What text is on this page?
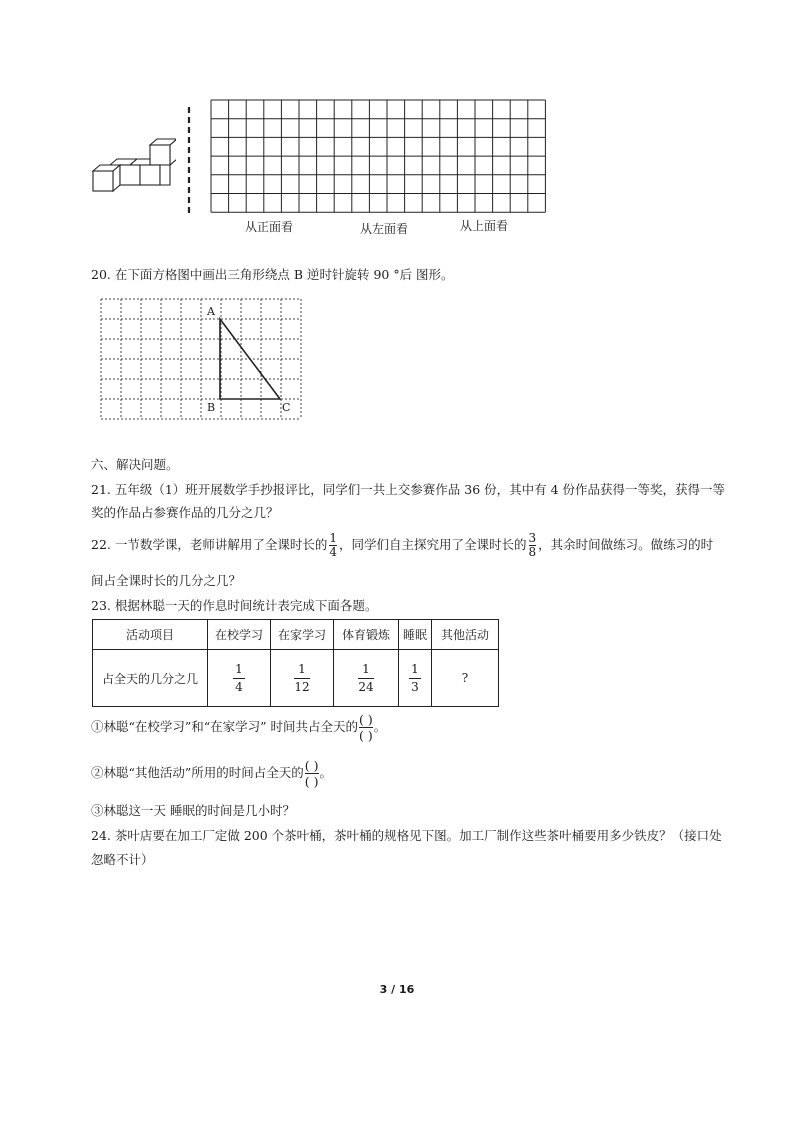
从正面看	从左面看	从上面看
20. 在下面方格图中画出三角形绕点 B 逆时针旋转 90 °后 图形。
A
B	C
六、解决问题。
21. 五年级（1）班开展数学手抄报评比，同学们一共上交参赛作品 36 份，其中有 4 份作品获得一等奖，获得一等
奖的作品占参赛作品的几分之几？
22. 一节数学课，老师讲解用了全课时长的 $\frac{1}{4}$ ，同学们自主探究用了全课时长的 $\frac{3}{8}$ ，其余时间做练习。做练习的时
间占全课时长的几分之几？
23. 根据林聪一天的作息时间统计表完成下面各题。
活动项目	在校学习	在家学习	体育锻炼	睡眠	其他活动
占全天的几分之几	$\frac{1}{4}$	$\frac{1}{12}$	$\frac{1}{24}$	$\frac{1}{3}$	?
①林聪“在校学习”和“在家学习” 时间共占全天的 $\frac{( )}{( )}$ 。
②林聪“其他活动”所用的时间占全天的 $\frac{( )}{( )}$ 。
③林聪这一天 睡眠的时间是几小时？
24. 茶叶店要在加工厂定做 200 个茶叶桶，茶叶桶的规格见下图。加工厂制作这些茶叶桶要用多少铁皮？（接口处
忽略不计）
3 / 16
